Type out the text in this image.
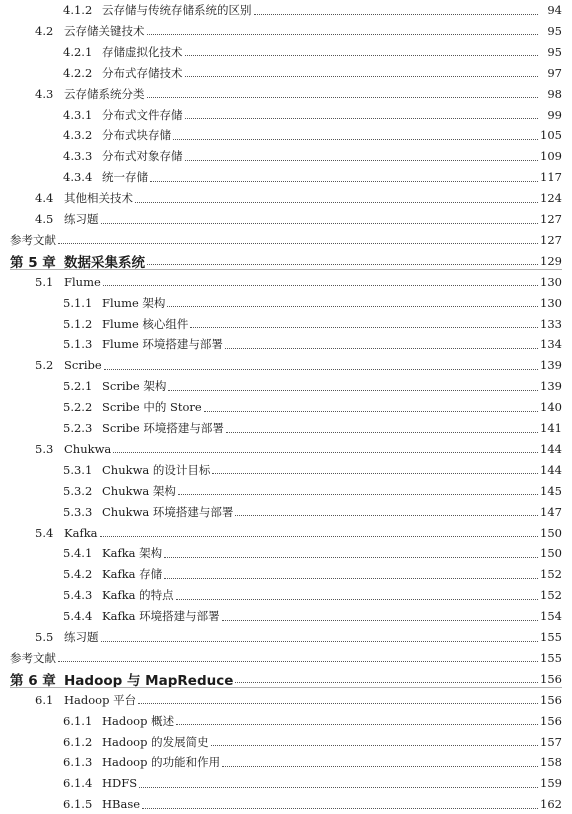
4.1.2 云存储与传统存储系统的区别	94
4.2 云存储关键技术	95
4.2.1 存储虚拟化技术	95
4.2.2 分布式存储技术	97
4.3 云存储系统分类	98
4.3.1 分布式文件存储	99
4.3.2 分布式块存储	105
4.3.3 分布式对象存储	109
4.3.4 统一存储	117
4.4 其他相关技术	124
4.5 练习题	127
参考文献	127
第 5 章 数据采集系统	129
5.1 Flume	130
5.1.1 Flume 架构	130
5.1.2 Flume 核心组件	133
5.1.3 Flume 环境搭建与部署	134
5.2 Scribe	139
5.2.1 Scribe 架构	139
5.2.2 Scribe 中的 Store	140
5.2.3 Scribe 环境搭建与部署	141
5.3 Chukwa	144
5.3.1 Chukwa 的设计目标	144
5.3.2 Chukwa 架构	145
5.3.3 Chukwa 环境搭建与部署	147
5.4 Kafka	150
5.4.1 Kafka 架构	150
5.4.2 Kafka 存储	152
5.4.3 Kafka 的特点	152
5.4.4 Kafka 环境搭建与部署	154
5.5 练习题	155
参考文献	155
第 6 章 Hadoop 与 MapReduce	156
6.1 Hadoop 平台	156
6.1.1 Hadoop 概述	156
6.1.2 Hadoop 的发展简史	157
6.1.3 Hadoop 的功能和作用	158
6.1.4 HDFS	159
6.1.5 HBase	162
